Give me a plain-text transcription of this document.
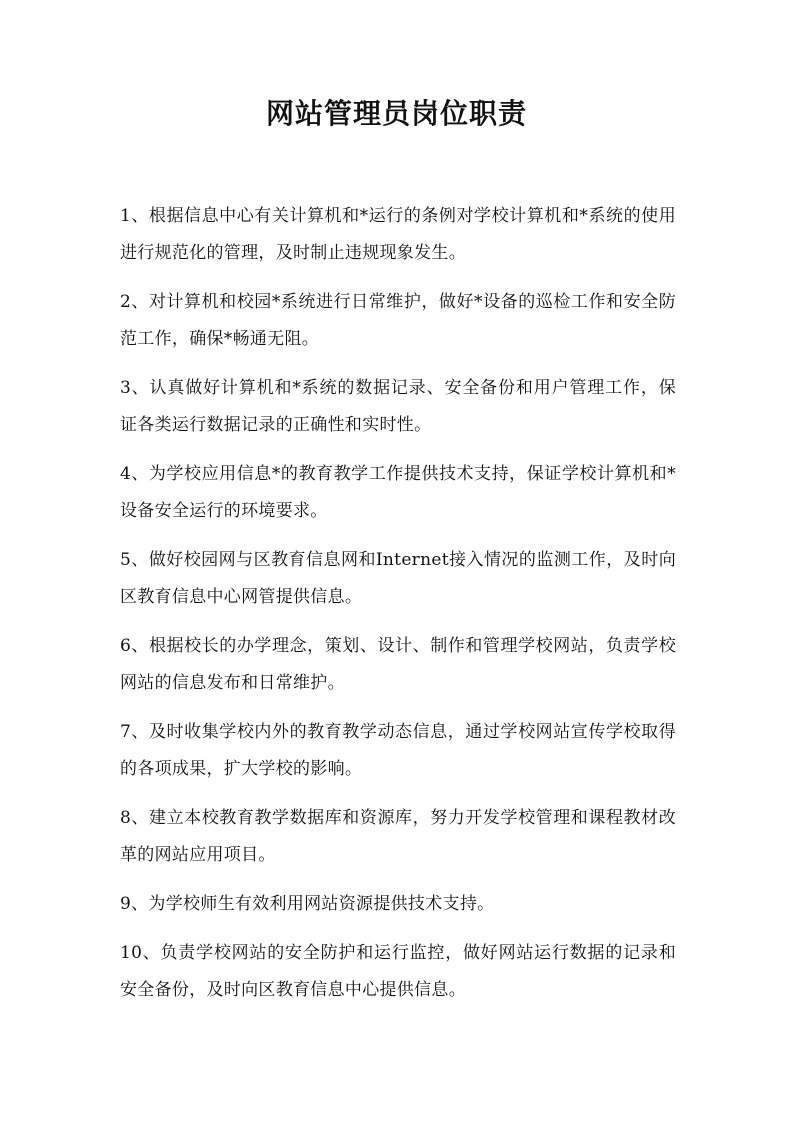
网站管理员岗位职责

1、根据信息中心有关计算机和*运行的条例对学校计算机和*系统的使用进行规范化的管理，及时制止违规现象发生。

2、对计算机和校园*系统进行日常维护，做好*设备的巡检工作和安全防范工作，确保*畅通无阻。

3、认真做好计算机和*系统的数据记录、安全备份和用户管理工作，保证各类运行数据记录的正确性和实时性。

4、为学校应用信息*的教育教学工作提供技术支持，保证学校计算机和*设备安全运行的环境要求。

5、做好校园网与区教育信息网和Internet接入情况的监测工作，及时向区教育信息中心网管提供信息。

6、根据校长的办学理念，策划、设计、制作和管理学校网站，负责学校网站的信息发布和日常维护。

7、及时收集学校内外的教育教学动态信息，通过学校网站宣传学校取得的各项成果，扩大学校的影响。

8、建立本校教育教学数据库和资源库，努力开发学校管理和课程教材改革的网站应用项目。

9、为学校师生有效利用网站资源提供技术支持。

10、负责学校网站的安全防护和运行监控，做好网站运行数据的记录和安全备份，及时向区教育信息中心提供信息。
